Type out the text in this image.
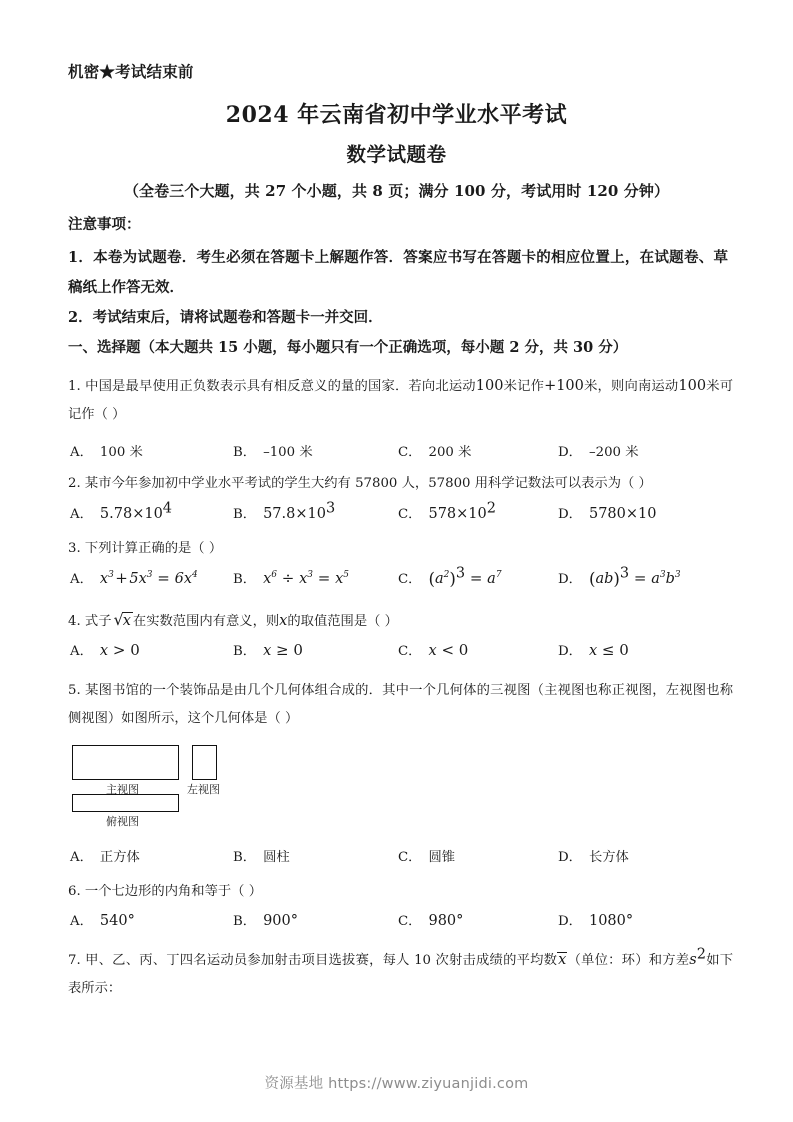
机密★考试结束前
2024 年云南省初中学业水平考试
数学试题卷
（全卷三个大题，共 27 个小题，共 8 页；满分 100 分，考试用时 120 分钟）
注意事项：
1．本卷为试题卷．考生必须在答题卡上解题作答．答案应书写在答题卡的相应位置上，在试题卷、草稿纸上作答无效．
2．考试结束后，请将试题卷和答题卡一并交回．
一、选择题（本大题共 15 小题，每小题只有一个正确选项，每小题 2 分，共 30 分）
1. 中国是最早使用正负数表示具有相反意义的量的国家．若向北运动100米记作+100米，则向南运动100米可记作（ ）
A． 100 米	B． –100 米	C． 200 米	D． –200 米
2. 某市今年参加初中学业水平考试的学生大约有 57800 人，57800 用科学记数法可以表示为（ ）
A． $5.78\times 10^4$	B． $57.8\times 10^3$	C． $578\times 10^2$	D． 5780×10
3. 下列计算正确的是（ ）
A． $x^3$ + $5x^3 = 6x^4$	B． $x^6 \div x^3 = x^5$	C． $(a^2)^3 = a^7$	D． $(ab)^3 = a^3b^3$
4. 式子 √x 在实数范围内有意义，则x的取值范围是（ ）
A． x > 0	B． x ≥ 0	C． x < 0	D． x ≤ 0
5. 某图书馆的一个装饰品是由几个几何体组合成的．其中一个几何体的三视图（主视图也称正视图，左视图也称侧视图）如图所示，这个几何体是（ ）
主视图	左视图
俯视图
A． 正方体	B． 圆柱	C． 圆锥	D． 长方体
6. 一个七边形的内角和等于（ ）
A． 540°	B． 900°	C． 980°	D． 1080°
7. 甲、乙、丙、丁四名运动员参加射击项目选拔赛，每人 10 次射击成绩的平均数x（单位：环）和方差$s^2$如下表所示：
资源基地 https://www.ziyuanjidi.com
